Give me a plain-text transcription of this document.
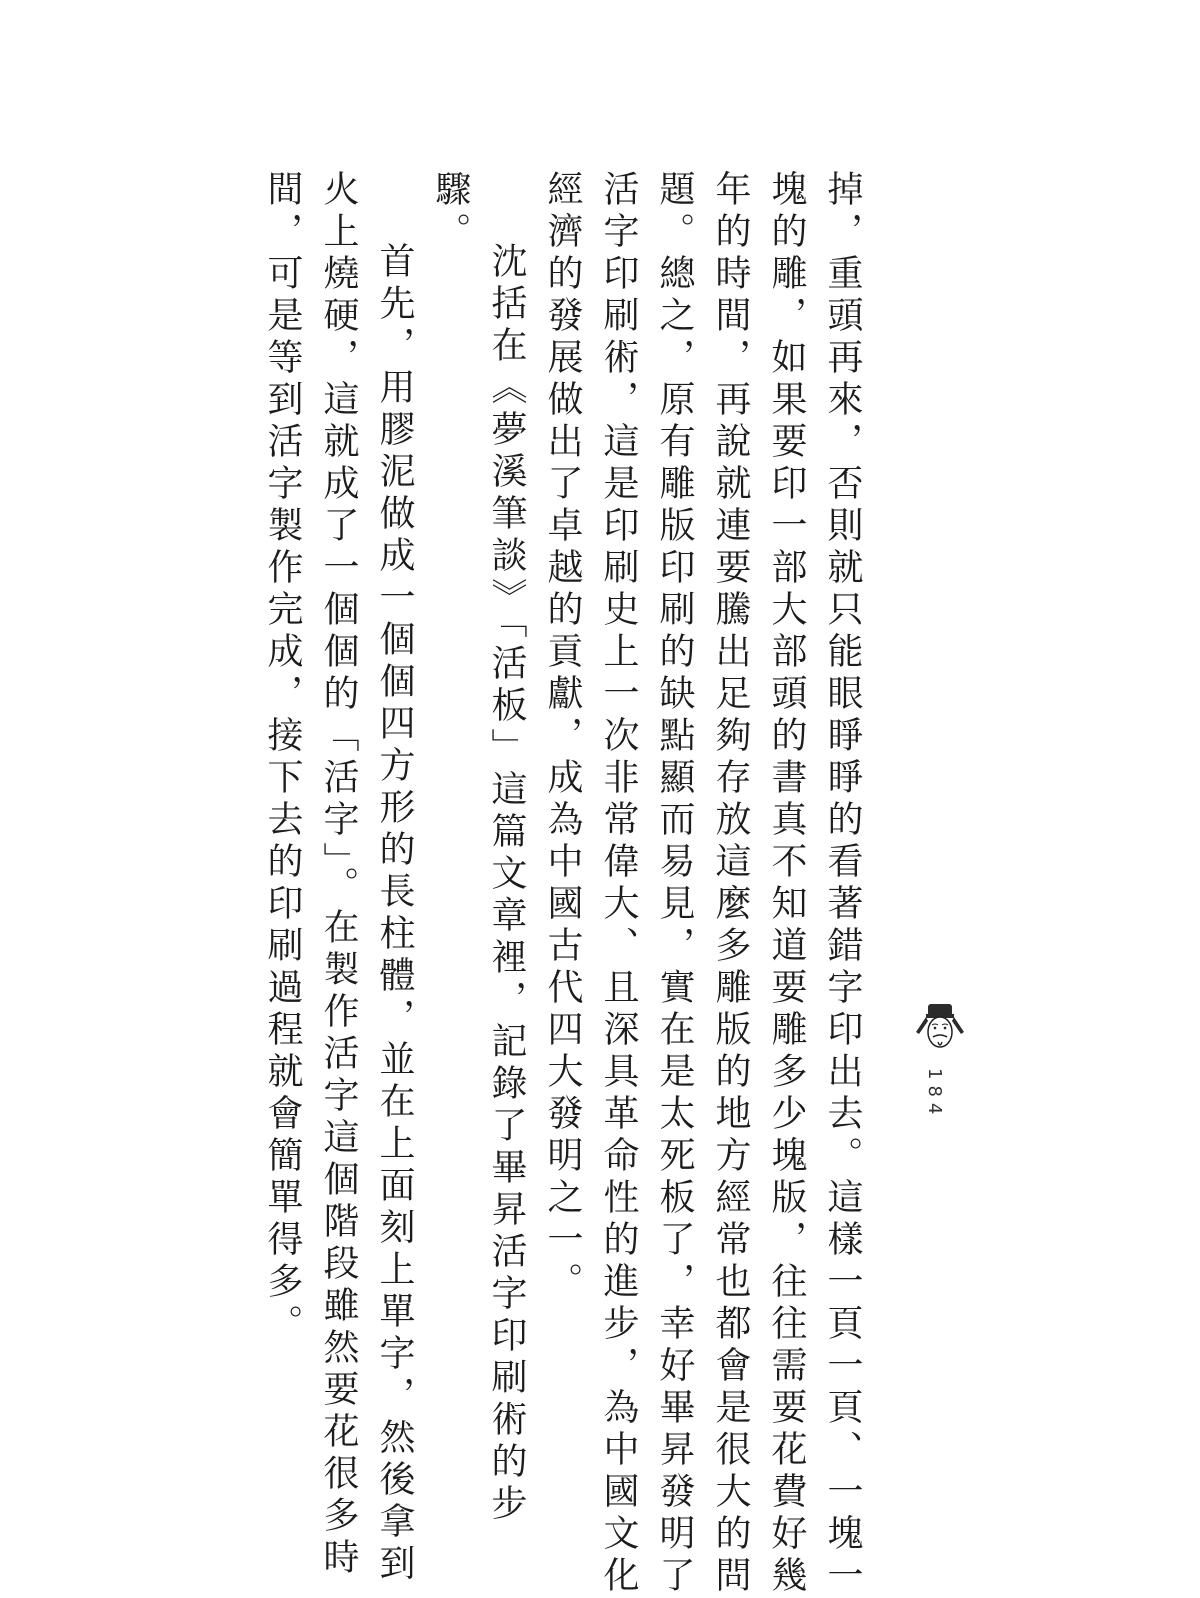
掉，重頭再來，否則就只能眼睜睜的看著錯字印出去。這樣一頁一頁、一塊一
塊的雕，如果要印一部大部頭的書真不知道要雕多少塊版，往往需要花費好幾
年的時間，再說就連要騰出足夠存放這麼多雕版的地方經常也都會是很大的問
題。總之，原有雕版印刷的缺點顯而易見，實在是太死板了，幸好畢昇發明了
活字印刷術，這是印刷史上一次非常偉大、且深具革命性的進步，為中國文化
經濟的發展做出了卓越的貢獻，成為中國古代四大發明之一。
沈括在《夢溪筆談》「活板」這篇文章裡，記錄了畢昇活字印刷術的步
驟。
首先，用膠泥做成一個個四方形的長柱體，並在上面刻上單字，然後拿到
火上燒硬，這就成了一個個的「活字」。在製作活字這個階段雖然要花很多時
間，可是等到活字製作完成，接下去的印刷過程就會簡單得多。	184
